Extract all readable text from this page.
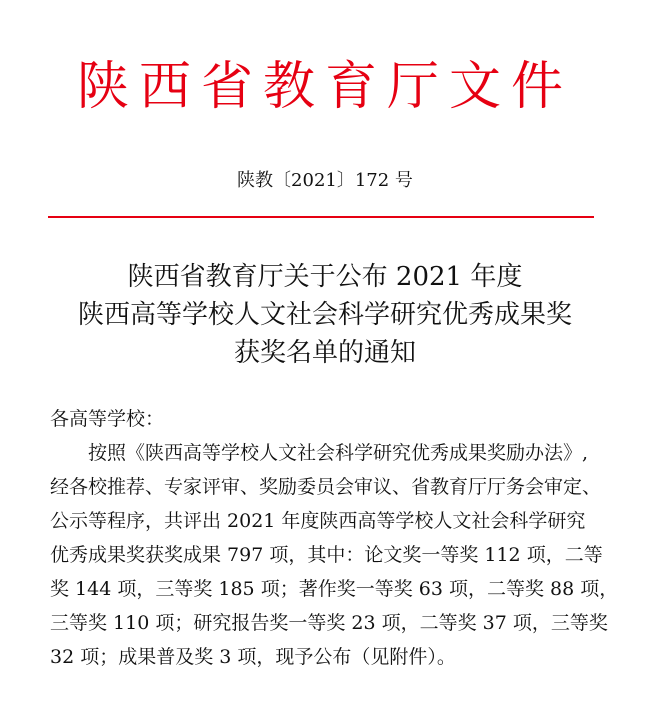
陕西省教育厅文件
陕教〔2021〕172 号
陕西省教育厅关于公布 2021 年度
陕西高等学校人文社会科学研究优秀成果奖
获奖名单的通知
各高等学校：
按照《陕西高等学校人文社会科学研究优秀成果奖励办法》,
经各校推荐、专家评审、奖励委员会审议、省教育厅厅务会审定、
公示等程序，共评出 2021 年度陕西高等学校人文社会科学研究
优秀成果奖获奖成果 797 项，其中：论文奖一等奖 112 项，二等
奖 144 项，三等奖 185 项；著作奖一等奖 63 项，二等奖 88 项，
三等奖 110 项；研究报告奖一等奖 23 项，二等奖 37 项，三等奖
32 项；成果普及奖 3 项，现予公布（见附件）。
